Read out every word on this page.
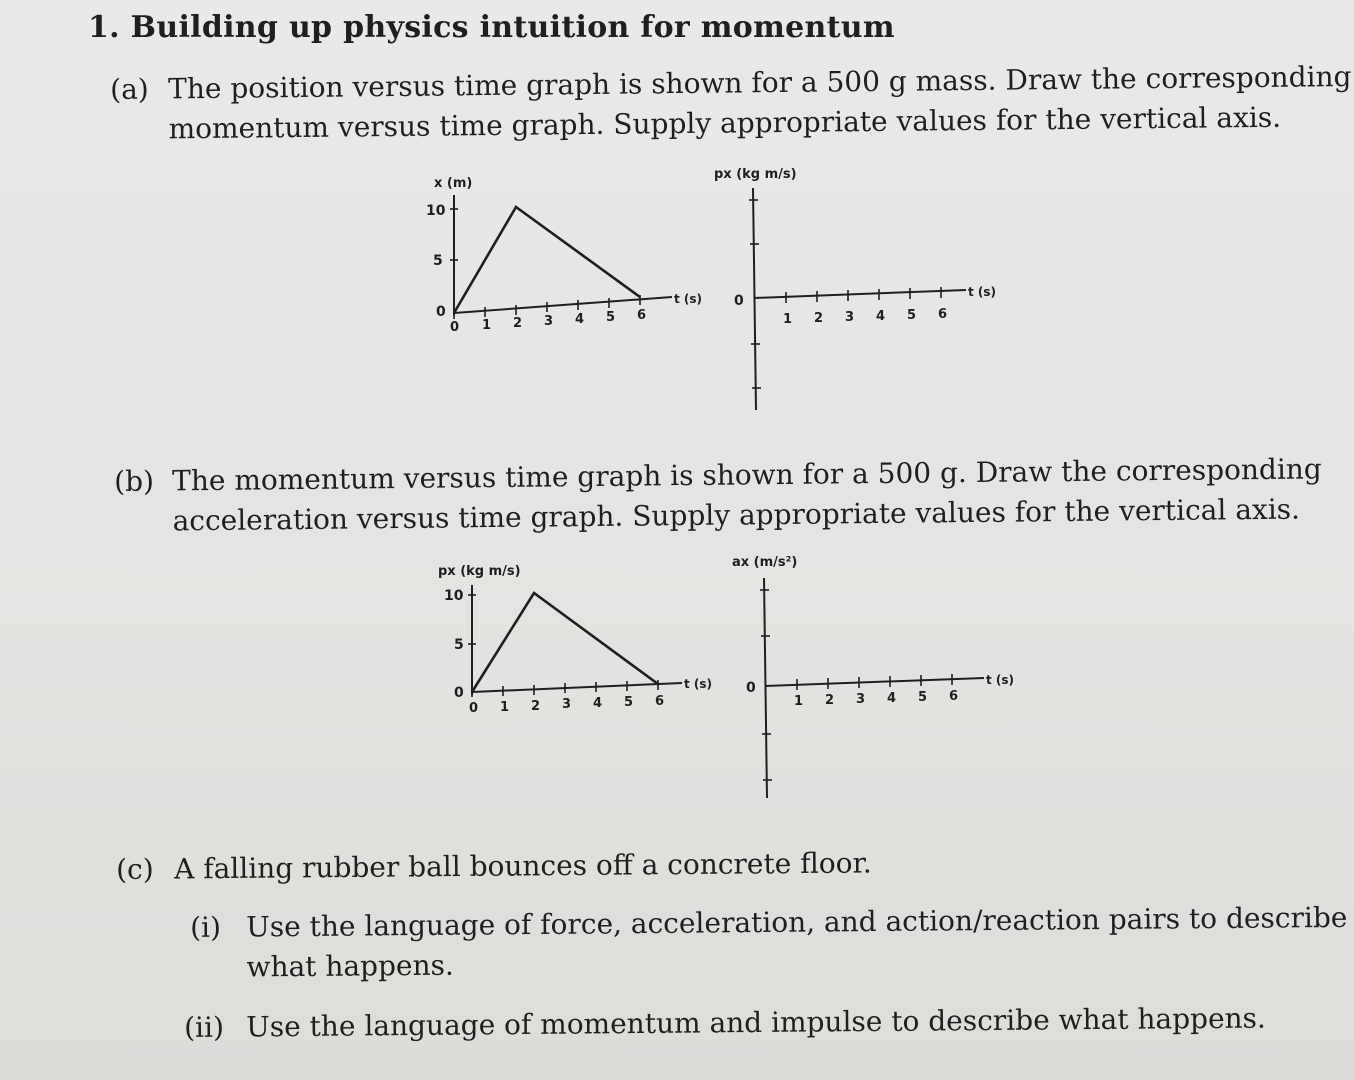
1. Building up physics intuition for momentum
(a) The position versus time graph is shown for a 500 g mass. Draw the corresponding
momentum versus time graph. Supply appropriate values for the vertical axis.
x (m)
10
5
0
0 1 2 3 4 5 6
t (s)
px (kg m/s)
0
1 2 3 4 5 6
t (s)
(b) The momentum versus time graph is shown for a 500 g. Draw the corresponding
acceleration versus time graph. Supply appropriate values for the vertical axis.
px (kg m/s)
10
5
0
0 1 2 3 4 5 6
t (s)
ax (m/s²)
0
1 2 3 4 5 6
t (s)
(c) A falling rubber ball bounces off a concrete floor.
(i) Use the language of force, acceleration, and action/reaction pairs to describe
what happens.
(ii) Use the language of momentum and impulse to describe what happens.
